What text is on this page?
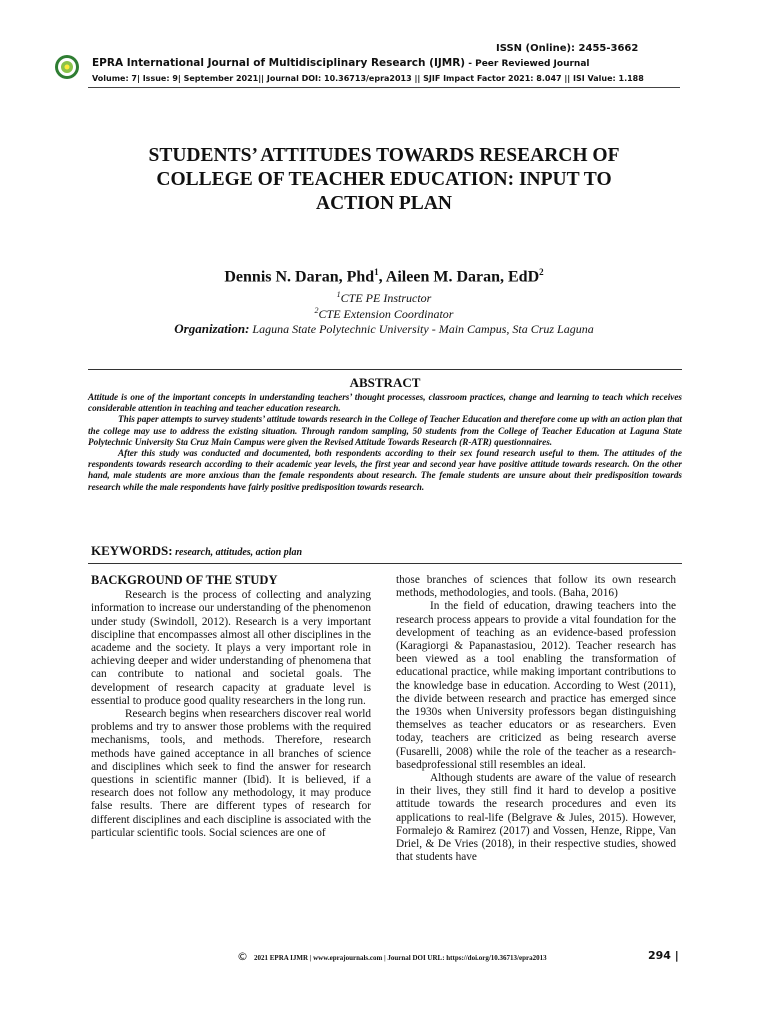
ISSN (Online): 2455-3662
EPRA International Journal of Multidisciplinary Research (IJMR) - Peer Reviewed Journal
Volume: 7| Issue: 9| September 2021|| Journal DOI: 10.36713/epra2013 || SJIF Impact Factor 2021: 8.047 || ISI Value: 1.188
STUDENTS’ ATTITUDES TOWARDS RESEARCH OF
COLLEGE OF TEACHER EDUCATION: INPUT TO
ACTION PLAN
Dennis N. Daran, Phd$^1$, Aileen M. Daran, EdD$^2$
$^1$CTE PE Instructor
$^2$CTE Extension Coordinator
Organization: Laguna State Polytechnic University - Main Campus, Sta Cruz Laguna
ABSTRACT

Attitude is one of the important concepts in understanding teachers’ thought processes, classroom practices, change and learning to teach which receives considerable attention in teaching and teacher education research.

This paper attempts to survey students’ attitude towards research in the College of Teacher Education and therefore come up with an action plan that the college may use to address the existing situation. Through random sampling, 50 students from the College of Teacher Education at Laguna State Polytechnic University Sta Cruz Main Campus were given the Revised Attitude Towards Research (R-ATR) questionnaires.

After this study was conducted and documented, both respondents according to their sex found research useful to them. The attitudes of the respondents towards research according to their academic year levels, the first year and second year have positive attitude towards research. On the other hand, male students are more anxious than the female respondents about research. The female students are unsure about their predisposition towards research while the male respondents have fairly positive predisposition towards research.

KEYWORDS: research, attitudes, action plan
BACKGROUND OF THE STUDY

Research is the process of collecting and analyzing information to increase our understanding of the phenomenon under study (Swindoll, 2012). Research is a very important discipline that encompasses almost all other disciplines in the academe and the society. It plays a very important role in achieving deeper and wider understanding of phenomena that can contribute to national and societal goals. The development of research capacity at graduate level is essential to produce good quality researchers in the long run.

Research begins when researchers discover real world problems and try to answer those problems with the required mechanisms, tools, and methods. Therefore, research methods have gained acceptance in all branches of science and disciplines which seek to find the answer for research questions in scientific manner (Ibid). It is believed, if a research does not follow any methodology, it may produce false results. There are different types of research for different disciplines and each discipline is associated with the particular scientific tools. Social sciences are one of

those branches of sciences that follow its own research methods, methodologies, and tools. (Baha, 2016)

In the field of education, drawing teachers into the research process appears to provide a vital foundation for the development of teaching as an evidence-based profession (Karagiorgi & Papanastasiou, 2012). Teacher research has been viewed as a tool enabling the transformation of educational practice, while making important contributions to the knowledge base in education. According to West (2011), the divide between research and practice has emerged since the 1930s when University professors began distinguishing themselves as teacher educators or as researchers. Even today, teachers are criticized as being research averse (Fusarelli, 2008) while the role of the teacher as a research-basedprofessional still resembles an ideal.

Although students are aware of the value of research in their lives, they still find it hard to develop a positive attitude towards the research procedures and even its applications to real-life (Belgrave & Jules, 2015). However, Formalejo & Ramirez (2017) and Vossen, Henze, Rippe, Van Driel, & De Vries (2018), in their respective studies, showed that students have

© 2021 EPRA IJMR | www.eprajournals.com | Journal DOI URL: https://doi.org/10.36713/epra2013	294 |
